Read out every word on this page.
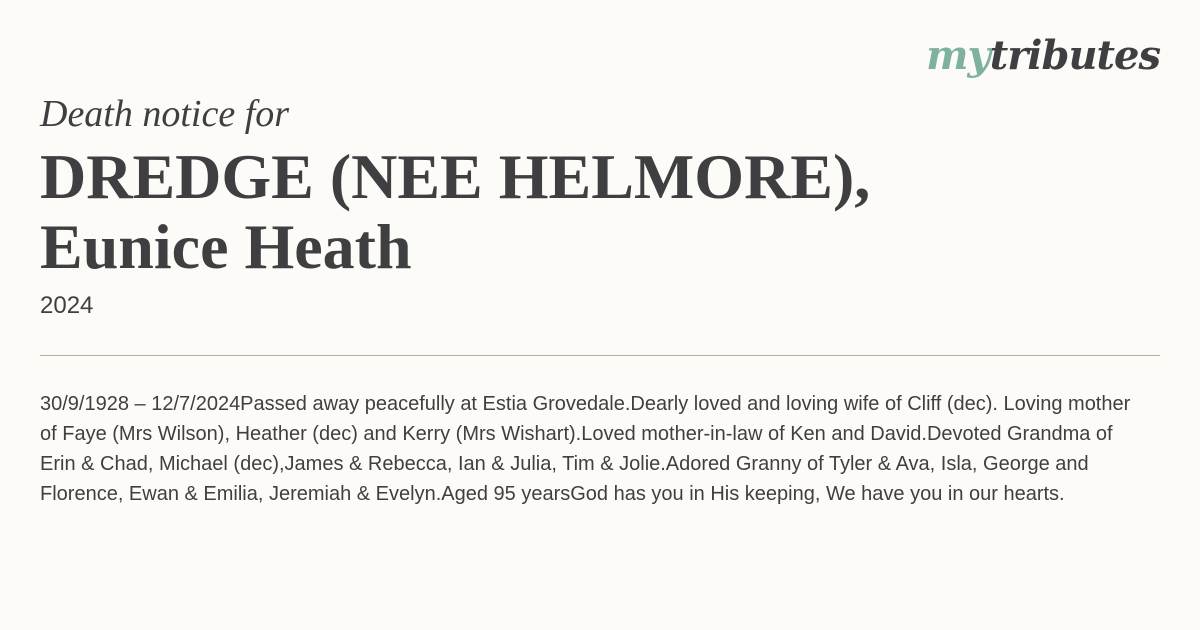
mytributes
Death notice for
DREDGE (NEE HELMORE),
Eunice Heath
2024
30/9/1928 – 12/7/2024Passed away peacefully at Estia Grovedale.Dearly loved and loving wife of Cliff (dec). Loving mother of Faye (Mrs Wilson), Heather (dec) and Kerry (Mrs Wishart).Loved mother-in-law of Ken and David.Devoted Grandma of Erin & Chad, Michael (dec),James & Rebecca, Ian & Julia, Tim & Jolie.Adored Granny of Tyler & Ava, Isla, George and Florence, Ewan & Emilia, Jeremiah & Evelyn.Aged 95 yearsGod has you in His keeping, We have you in our hearts.
